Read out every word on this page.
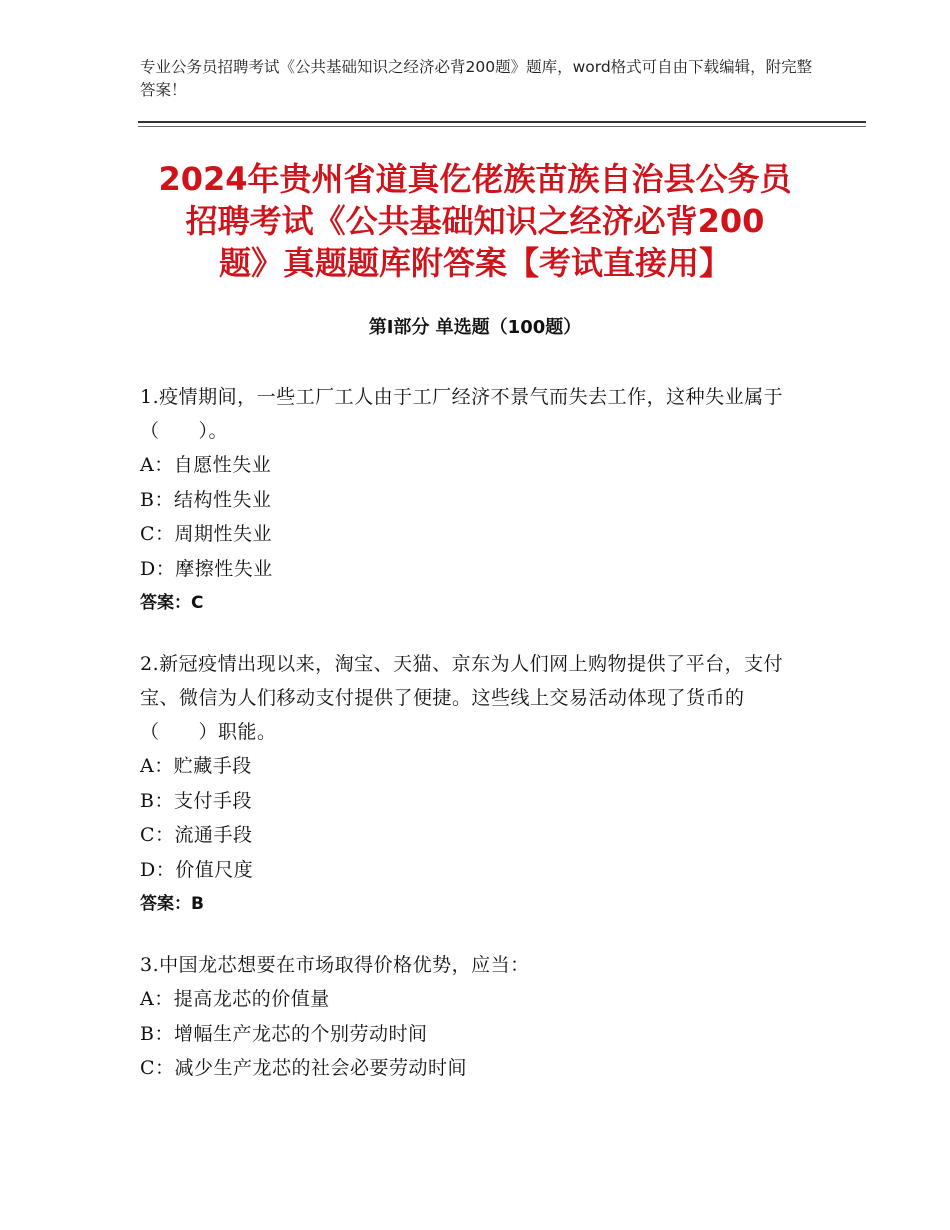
专业公务员招聘考试《公共基础知识之经济必背200题》题库，word格式可自由下载编辑，附完整答案！
2024年贵州省道真仡佬族苗族自治县公务员
招聘考试《公共基础知识之经济必背200
题》真题题库附答案【考试直接用】
第Ⅰ部分 单选题（100题）

1.疫情期间，一些工厂工人由于工厂经济不景气而失去工作，这种失业属于（　　）。

A：自愿性失业

B：结构性失业

C：周期性失业

D：摩擦性失业

答案：C

2.新冠疫情出现以来，淘宝、天猫、京东为人们网上购物提供了平台，支付宝、微信为人们移动支付提供了便捷。这些线上交易活动体现了货币的（　　）职能。

A：贮藏手段

B：支付手段

C：流通手段

D：价值尺度

答案：B

3.中国龙芯想要在市场取得价格优势，应当：

A：提高龙芯的价值量

B：增幅生产龙芯的个别劳动时间

C：减少生产龙芯的社会必要劳动时间
